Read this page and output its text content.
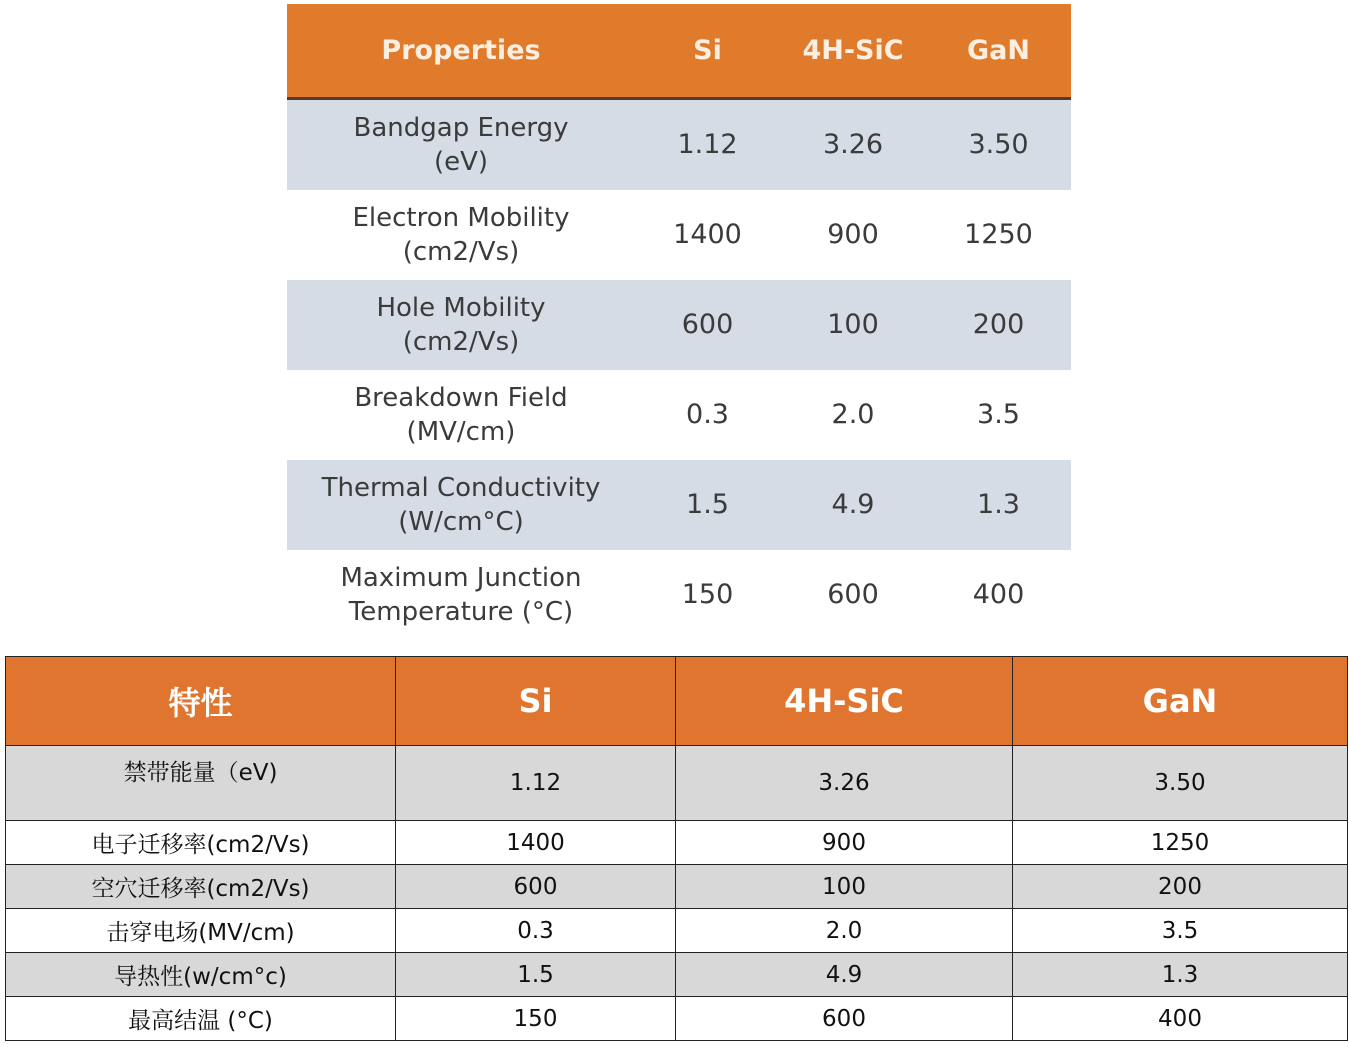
Properties	Si	4H-SiC	GaN

Bandgap Energy
(eV)	1.12	3.26	3.50

Electron Mobility
(cm2/Vs)	1400	900	1250

Hole Mobility
(cm2/Vs)	600	100	200

Breakdown Field
(MV/cm)	0.3	2.0	3.5

Thermal Conductivity
(W/cm°C)	1.5	4.9	1.3

Maximum Junction
Temperature (°C)	150	600	400
特性	Si	4H-SiC	GaN
禁带能量（eV)	1.12	3.26	3.50
电子迁移率(cm2/Vs)	1400	900	1250
空穴迁移率(cm2/Vs)	600	100	200
击穿电场(MV/cm)	0.3	2.0	3.5
导热性(w/cm°c)	1.5	4.9	1.3
最高结温 (°C)	150	600	400
